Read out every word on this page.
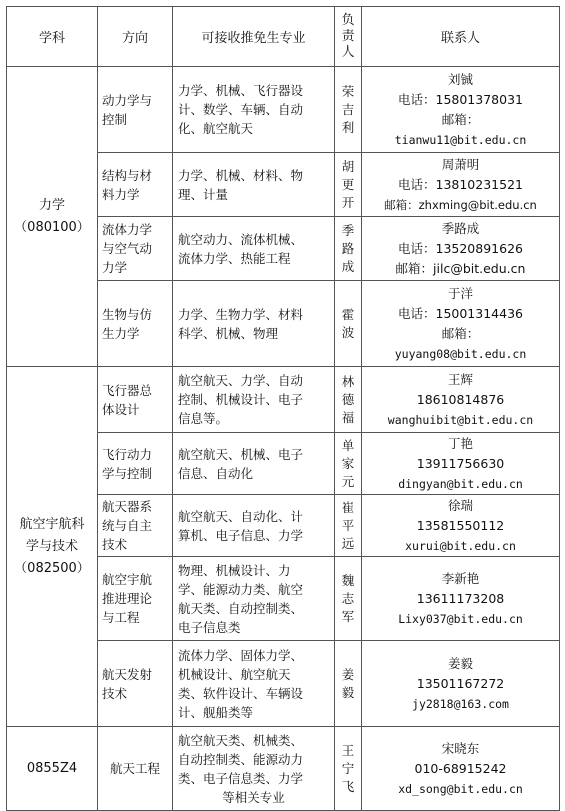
学科	方向	可接收推免生专业	负
责
人	联系人

力学
（080100）	动力学与
控制	力学、机械、飞行器设
计、数学、车辆、自动
化、航空航天	荣
吉
利	刘铖
电话：15801378031
邮箱：
tianwu11@bit.edu.cn

	结构与材
料力学	力学、机械、材料、物
理、计量	胡
更
开	周萧明
电话：13810231521
邮箱：zhxming@bit.edu.cn

	流体力学
与空气动
力学	航空动力、流体机械、
流体力学、热能工程	季
路
成	季路成
电话：13520891626
邮箱：jilc@bit.edu.cn

	生物与仿
生力学	力学、生物力学、材料
科学、机械、物理	霍
波	于洋
电话：15001314436
邮箱：
yuyang08@bit.edu.cn

航空宇航科
学与技术
（082500）	飞行器总
体设计	航空航天、力学、自动
控制、机械设计、电子
信息等。	林
德
福	王辉
18610814876
wanghuibit@bit.edu.cn

	飞行动力
学与控制	航空航天、机械、电子
信息、自动化	单
家
元	丁艳
13911756630
dingyan@bit.edu.cn

	航天器系
统与自主
技术	航空航天、自动化、计
算机、电子信息、力学	崔
平
远	徐瑞
13581550112
xurui@bit.edu.cn

	航空宇航
推进理论
与工程	物理、机械设计、力
学、能源动力类、航空
航天类、自动控制类、
电子信息类	魏
志
军	李新艳
13611173208
Lixy037@bit.edu.cn

	航天发射
技术	流体力学、固体力学、
机械设计、航空航天
类、软件设计、车辆设
计、舰船类等	姜
毅	姜毅
13501167272
jy2818@163.com

0855Z4	航天工程	航空航天类、机械类、
自动控制类、能源动力
类、电子信息类、力学
等相关专业	王
宁
飞	宋晓东
010-68915242
xd_song@bit.edu.cn
